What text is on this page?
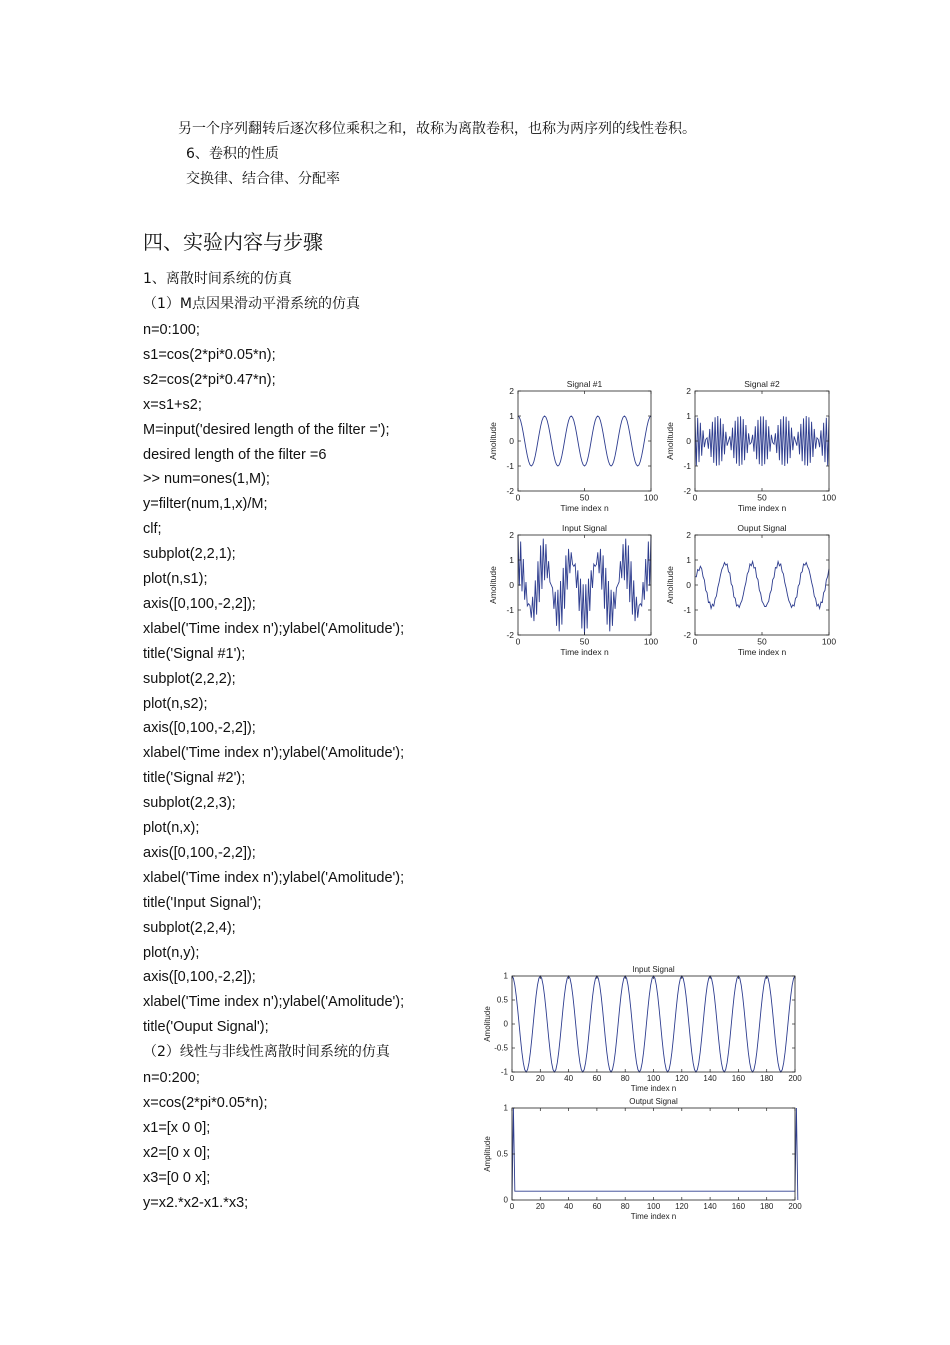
另一个序列翻转后逐次移位乘积之和，故称为离散卷积，也称为两序列的线性卷积。
6、卷积的性质
交换律、结合律、分配率
四、实验内容与步骤
1、离散时间系统的仿真
（1）M点因果滑动平滑系统的仿真
n=0:100;
s1=cos(2*pi*0.05*n);
s2=cos(2*pi*0.47*n);
x=s1+s2;
M=input('desired length of the filter =');
desired length of the filter =6
>> num=ones(1,M);
y=filter(num,1,x)/M;
clf;
subplot(2,2,1);
plot(n,s1);
axis([0,100,-2,2]);
xlabel('Time index n');ylabel('Amolitude');
title('Signal #1');
subplot(2,2,2);
plot(n,s2);
axis([0,100,-2,2]);
xlabel('Time index n');ylabel('Amolitude');
title('Signal #2');
subplot(2,2,3);
plot(n,x);
axis([0,100,-2,2]);
xlabel('Time index n');ylabel('Amolitude');
title('Input Signal');
subplot(2,2,4);
plot(n,y);
axis([0,100,-2,2]);
xlabel('Time index n');ylabel('Amolitude');
title('Ouput Signal');
（2）线性与非线性离散时间系统的仿真
n=0:200;
x=cos(2*pi*0.05*n);
x1=[x 0 0];
x2=[0 x 0];
x3=[0 0 x];
y=x2.*x2-x1.*x3;
0	50	100
2
1
0
-1
-2
Signal #1
Time index n
Amolitude
0	50	100
2
1
0
-1
-2
Signal #2
Time index n
Amolitude
0	50	100
2
1
0
-1
-2
Input Signal
Time index n
Amolitude
0	50	100
2
1
0
-1
-2
Ouput Signal
Time index n
Amolitude
0	20 40 60 80 100 120 140 160 180 200
1
0.5
0
-0.5
-1
Input Signal
Time index n
Amolitude
0	20 40 60 80 100 120 140 160 180 200
1
0.5
0
Output Signal
Time index n
Amplitude
